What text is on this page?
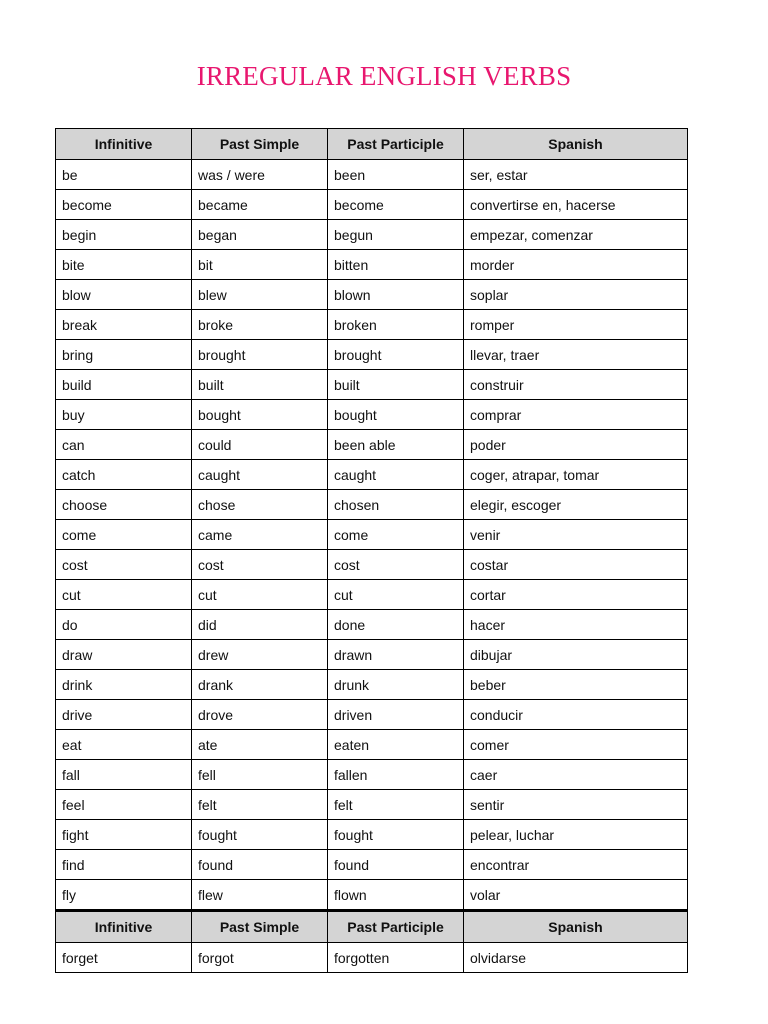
IRREGULAR ENGLISH VERBS
Infinitive	Past Simple	Past Participle	Spanish
be	was / were	been	ser, estar
become	became	become	convertirse en, hacerse
begin	began	begun	empezar, comenzar
bite	bit	bitten	morder
blow	blew	blown	soplar
break	broke	broken	romper
bring	brought	brought	llevar, traer
build	built	built	construir
buy	bought	bought	comprar
can	could	been able	poder
catch	caught	caught	coger, atrapar, tomar
choose	chose	chosen	elegir, escoger
come	came	come	venir
cost	cost	cost	costar
cut	cut	cut	cortar
do	did	done	hacer
draw	drew	drawn	dibujar
drink	drank	drunk	beber
drive	drove	driven	conducir
eat	ate	eaten	comer
fall	fell	fallen	caer
feel	felt	felt	sentir
fight	fought	fought	pelear, luchar
find	found	found	encontrar
fly	flew	flown	volar
Infinitive	Past Simple	Past Participle	Spanish
forget	forgot	forgotten	olvidarse
